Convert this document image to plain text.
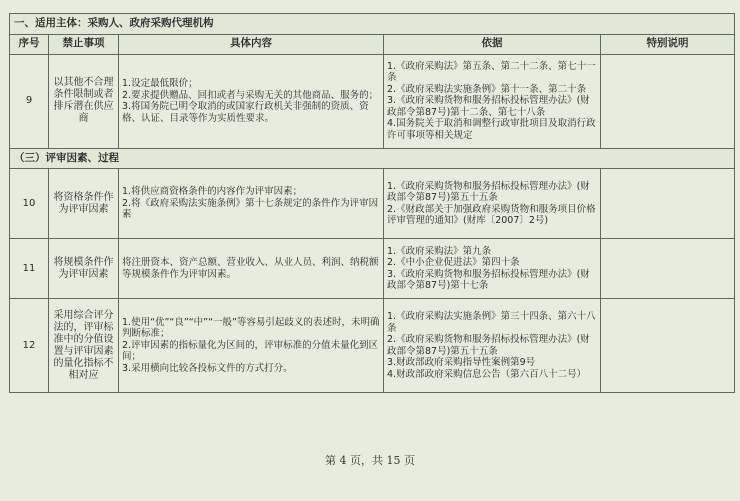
一、适用主体：采购人、政府采购代理机构				
序号	禁止事项	具体内容	依据	特别说明
9	以其他不合理条件限制或者排斥潜在供应商	1.设定最低限价；
2.要求提供赠品、回扣或者与采购无关的其他商品、服务的；
3.将国务院已明令取消的或国家行政机关非强制的资质、资格、认证、目录等作为实质性要求。	1.《政府采购法》第五条、第二十二条、第七十一条
2.《政府采购法实施条例》第十一条、第二十条
3.《政府采购货物和服务招标投标管理办法》(财政部令第87号)第十二条、第七十八条
4.国务院关于取消和调整行政审批项目及取消行政许可事项等相关规定	
（三）评审因素、过程				
10	将资格条件作为评审因素	1.将供应商资格条件的内容作为评审因素；
2.将《政府采购法实施条例》第十七条规定的条件作为评审因素	1.《政府采购货物和服务招标投标管理办法》(财政部令第87号)第五十五条
2.《财政部关于加强政府采购货物和服务项目价格评审管理的通知》(财库〔2007〕2号)	
11	将规模条件作为评审因素	将注册资本、资产总额、营业收入、从业人员、利润、纳税额等规模条件作为评审因素。	1.《政府采购法》第九条
2.《中小企业促进法》第四十条
3.《政府采购货物和服务招标投标管理办法》(财政部令第87号)第十七条	
12	采用综合评分法的，评审标准中的分值设置与评审因素的量化指标不相对应	1.使用“优”“良”“中”“一般”等容易引起歧义的表述时，未明确判断标准；
2.评审因素的指标量化为区间的，评审标准的分值未量化到区间；
3.采用横向比较各投标文件的方式打分。	1.《政府采购法实施条例》第三十四条、第六十八条
2.《政府采购货物和服务招标投标管理办法》(财政部令第87号)第五十五条
3.财政部政府采购指导性案例第9号
4.财政部政府采购信息公告（第六百八十二号）	
第 4 页，共 15 页
